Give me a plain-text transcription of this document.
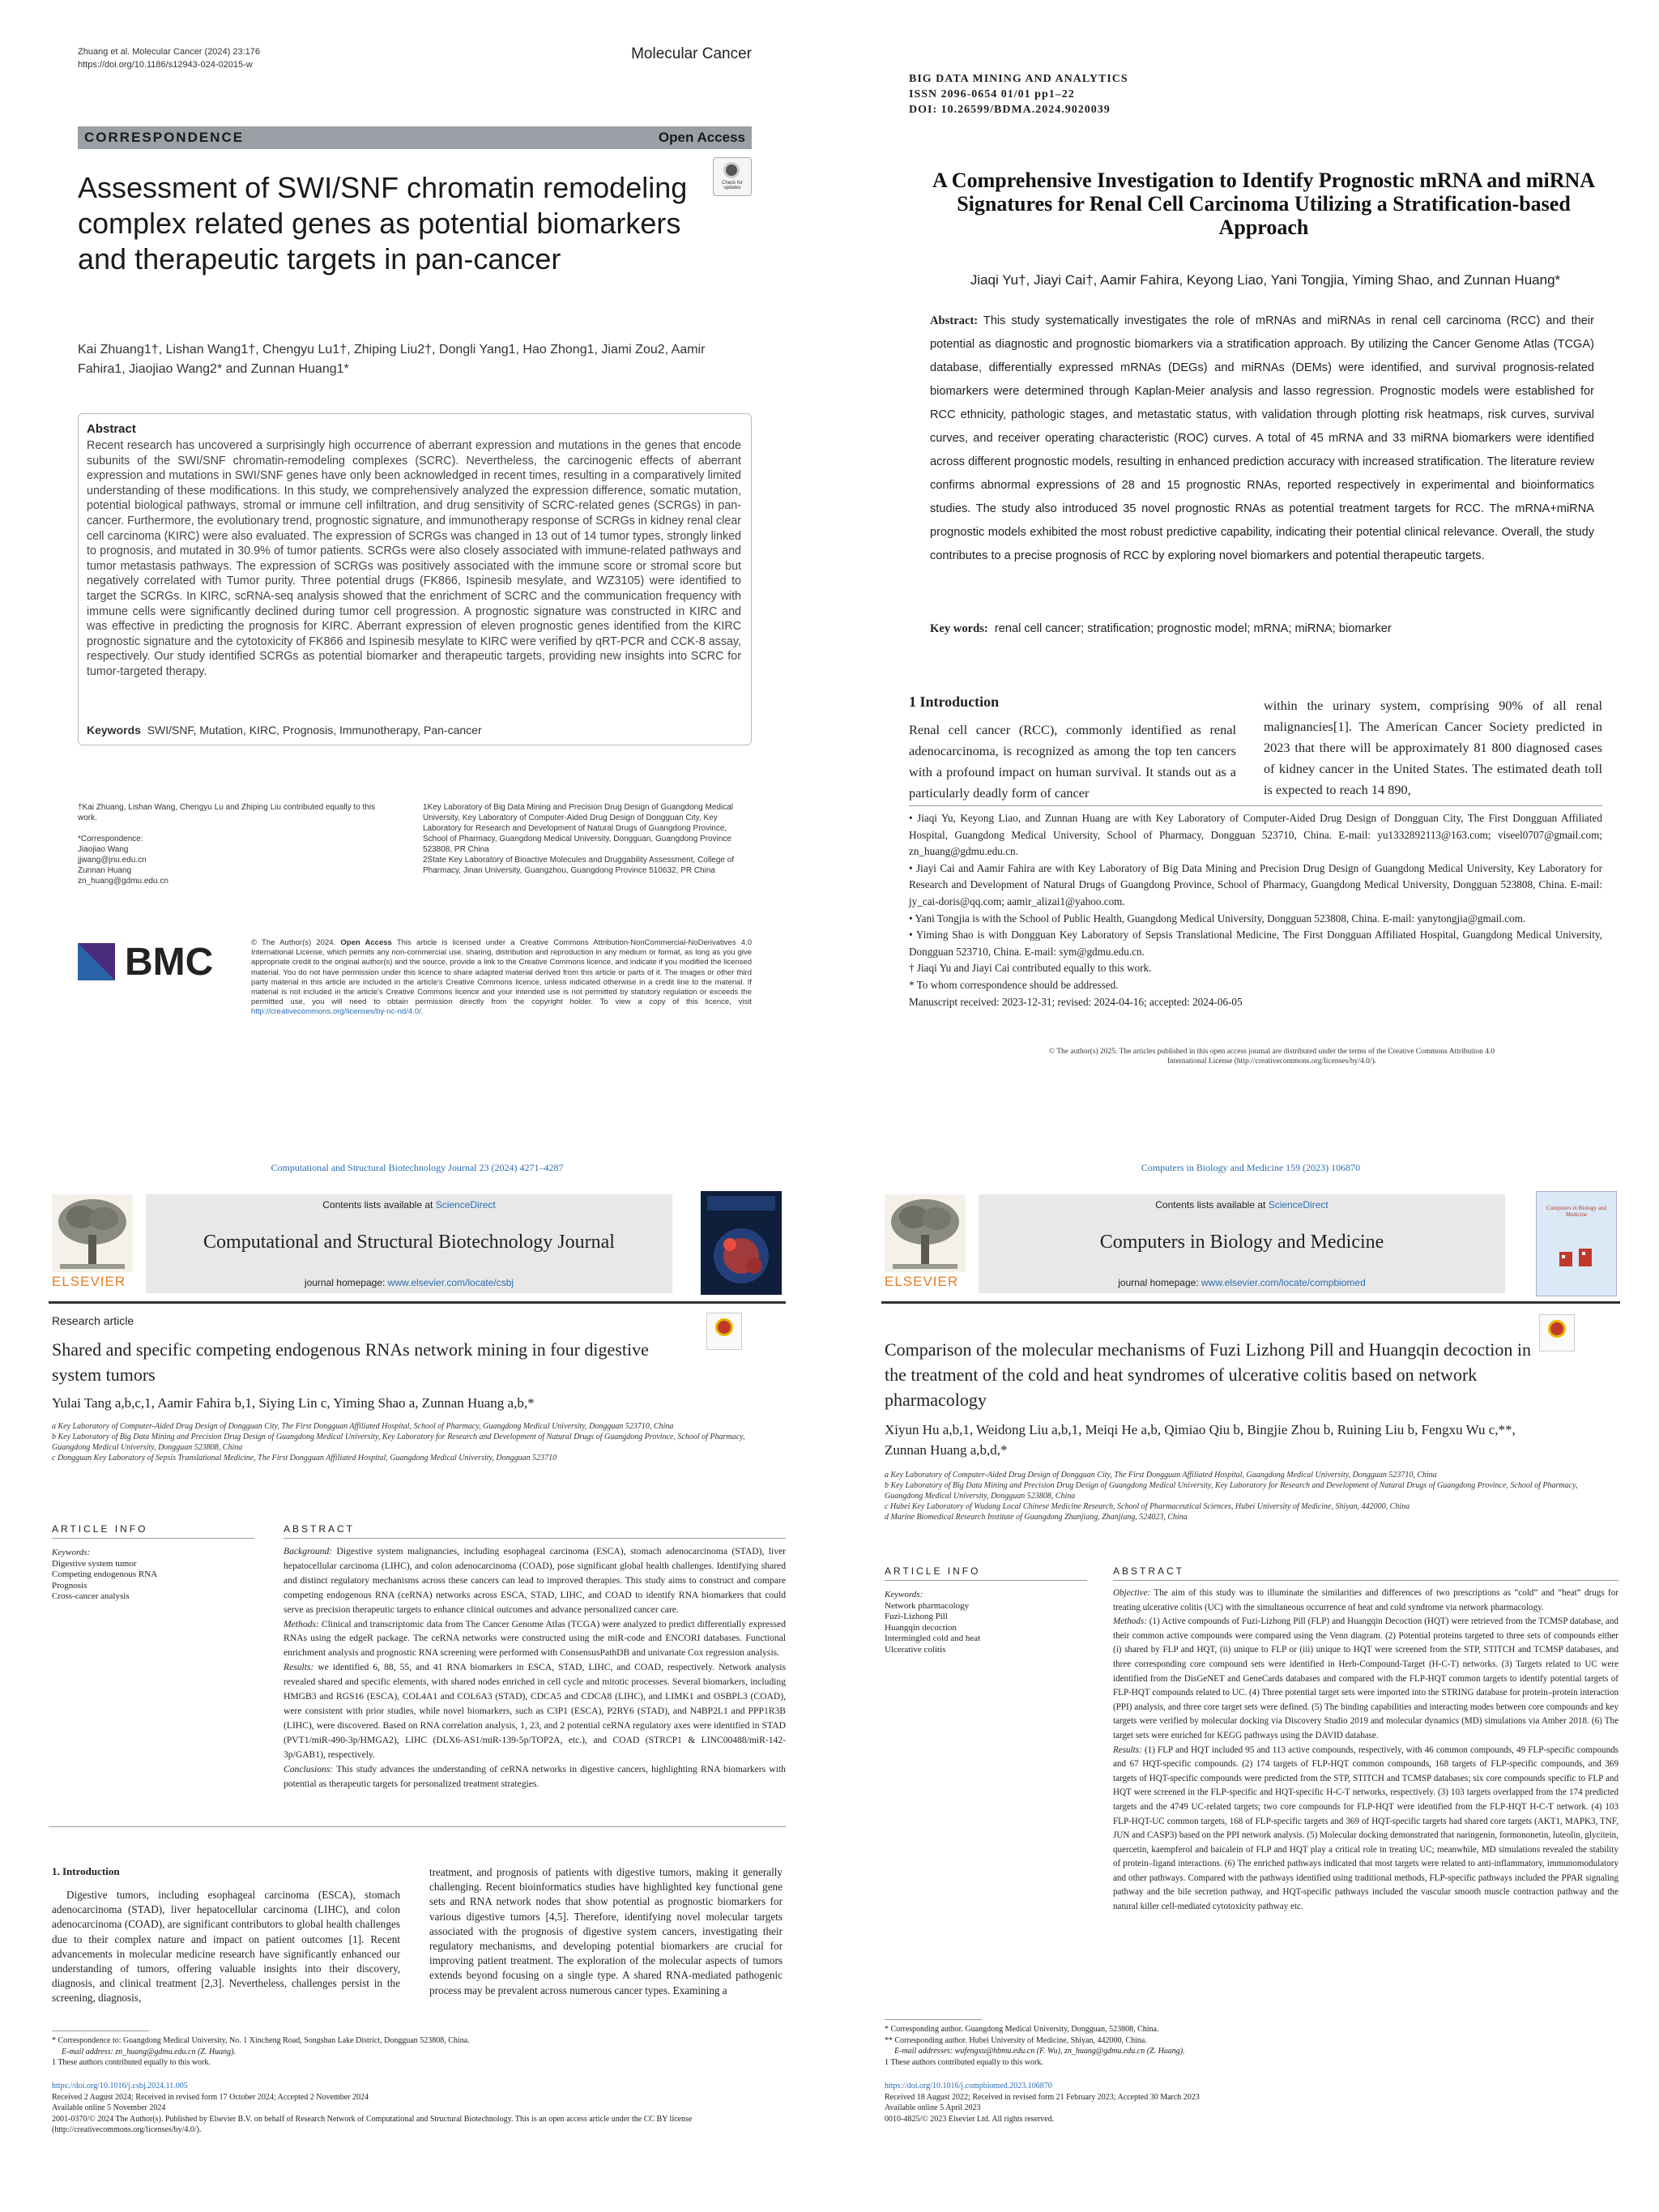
Zhuang et al. Molecular Cancer (2024) 23:176
https://doi.org/10.1186/s12943-024-02015-w
Molecular Cancer
CORRESPONDENCE	Open Access
Check for updates
Assessment of SWI/SNF chromatin remodeling complex related genes as potential biomarkers and therapeutic targets in pan-cancer
Kai Zhuang1†, Lishan Wang1†, Chengyu Lu1†, Zhiping Liu2†, Dongli Yang1, Hao Zhong1, Jiami Zou2, Aamir Fahira1, Jiaojiao Wang2* and Zunnan Huang1*
Abstract
Recent research has uncovered a surprisingly high occurrence of aberrant expression and mutations in the genes that encode subunits of the SWI/SNF chromatin-remodeling complexes (SCRC). Nevertheless, the carcinogenic effects of aberrant expression and mutations in SWI/SNF genes have only been acknowledged in recent times, resulting in a comparatively limited understanding of these modifications. In this study, we comprehensively analyzed the expression difference, somatic mutation, potential biological pathways, stromal or immune cell infiltration, and drug sensitivity of SCRC-related genes (SCRGs) in pan-cancer. Furthermore, the evolutionary trend, prognostic signature, and immunotherapy response of SCRGs in kidney renal clear cell carcinoma (KIRC) were also evaluated. The expression of SCRGs was changed in 13 out of 14 tumor types, strongly linked to prognosis, and mutated in 30.9% of tumor patients. SCRGs were also closely associated with immune-related pathways and tumor metastasis pathways. The expression of SCRGs was positively associated with the immune score or stromal score but negatively correlated with Tumor purity. Three potential drugs (FK866, Ispinesib mesylate, and WZ3105) were identified to target the SCRGs. In KIRC, scRNA-seq analysis showed that the enrichment of SCRC and the communication frequency with immune cells were significantly declined during tumor cell progression. A prognostic signature was constructed in KIRC and was effective in predicting the prognosis for KIRC. Aberrant expression of eleven prognostic genes identified from the KIRC prognostic signature and the cytotoxicity of FK866 and Ispinesib mesylate to KIRC were verified by qRT-PCR and CCK-8 assay, respectively. Our study identified SCRGs as potential biomarker and therapeutic targets, providing new insights into SCRC for tumor-targeted therapy.
Keywords SWI/SNF, Mutation, KIRC, Prognosis, Immunotherapy, Pan-cancer
†Kai Zhuang, Lishan Wang, Chengyu Lu and Zhiping Liu contributed equally to this work.

*Correspondence:
Jiaojiao Wang
jjwang@jnu.edu.cn
Zunnan Huang
zn_huang@gdmu.edu.cn
1Key Laboratory of Big Data Mining and Precision Drug Design of Guangdong Medical University, Key Laboratory of Computer-Aided Drug Design of Dongguan City, Key Laboratory for Research and Development of Natural Drugs of Guangdong Province, School of Pharmacy, Guangdong Medical University, Dongguan, Guangdong Province 523808, PR China
2State Key Laboratory of Bioactive Molecules and Druggability Assessment, College of Pharmacy, Jinan University, Guangzhou, Guangdong Province 510632, PR China
BMC	© The Author(s) 2024. Open Access This article is licensed under a Creative Commons Attribution-NonCommercial-NoDerivatives 4.0 International License, which permits any non-commercial use, sharing, distribution and reproduction in any medium or format, as long as you give appropriate credit to the original author(s) and the source, provide a link to the Creative Commons licence, and indicate if you modified the licensed material. You do not have permission under this licence to share adapted material derived from this article or parts of it. The images or other third party material in this article are included in the article's Creative Commons licence, unless indicated otherwise in a credit line to the material. If material is not included in the article's Creative Commons licence and your intended use is not permitted by statutory regulation or exceeds the permitted use, you will need to obtain permission directly from the copyright holder. To view a copy of this licence, visit http://creativecommons.org/licenses/by-nc-nd/4.0/.
BIG DATA MINING AND ANALYTICS
ISSN 2096-0654 01/01 pp1–22
DOI: 10.26599/BDMA.2024.9020039
A Comprehensive Investigation to Identify Prognostic mRNA and miRNA Signatures for Renal Cell Carcinoma Utilizing a Stratification-based Approach
Jiaqi Yu†, Jiayi Cai†, Aamir Fahira, Keyong Liao, Yani Tongjia, Yiming Shao, and Zunnan Huang*
Abstract: This study systematically investigates the role of mRNAs and miRNAs in renal cell carcinoma (RCC) and their potential as diagnostic and prognostic biomarkers via a stratification approach. By utilizing the Cancer Genome Atlas (TCGA) database, differentially expressed mRNAs (DEGs) and miRNAs (DEMs) were identified, and survival prognosis-related biomarkers were determined through Kaplan-Meier analysis and lasso regression. Prognostic models were established for RCC ethnicity, pathologic stages, and metastatic status, with validation through plotting risk heatmaps, risk curves, survival curves, and receiver operating characteristic (ROC) curves. A total of 45 mRNA and 33 miRNA biomarkers were identified across different prognostic models, resulting in enhanced prediction accuracy with increased stratification. The literature review confirms abnormal expressions of 28 and 15 prognostic RNAs, reported respectively in experimental and bioinformatics studies. The study also introduced 35 novel prognostic RNAs as potential treatment targets for RCC. The mRNA+miRNA prognostic models exhibited the most robust predictive capability, indicating their potential clinical relevance. Overall, the study contributes to a precise prognosis of RCC by exploring novel biomarkers and potential therapeutic targets.
Key words: renal cell cancer; stratification; prognostic model; mRNA; miRNA; biomarker
1 Introduction
Renal cell cancer (RCC), commonly identified as renal adenocarcinoma, is recognized as among the top ten cancers with a profound impact on human survival. It stands out as a particularly deadly form of cancer
within the urinary system, comprising 90% of all renal malignancies[1]. The American Cancer Society predicted in 2023 that there will be approximately 81 800 diagnosed cases of kidney cancer in the United States. The estimated death toll is expected to reach 14 890,
• Jiaqi Yu, Keyong Liao, and Zunnan Huang are with Key Laboratory of Computer-Aided Drug Design of Dongguan City, The First Dongguan Affiliated Hospital, Guangdong Medical University, School of Pharmacy, Dongguan 523710, China. E-mail: yu1332892113@163.com; viseel0707@gmail.com; zn_huang@gdmu.edu.cn.
• Jiayi Cai and Aamir Fahira are with Key Laboratory of Big Data Mining and Precision Drug Design of Guangdong Medical University, Key Laboratory for Research and Development of Natural Drugs of Guangdong Province, School of Pharmacy, Guangdong Medical University, Dongguan 523808, China. E-mail: jy_cai-doris@qq.com; aamir_alizai1@yahoo.com.
• Yani Tongjia is with the School of Public Health, Guangdong Medical University, Dongguan 523808, China. E-mail: yanytongjia@gmail.com.
• Yiming Shao is with Dongguan Key Laboratory of Sepsis Translational Medicine, The First Dongguan Affiliated Hospital, Guangdong Medical University, Dongguan 523710, China. E-mail: sym@gdmu.edu.cn.
† Jiaqi Yu and Jiayi Cai contributed equally to this work.
* To whom correspondence should be addressed.
Manuscript received: 2023-12-31; revised: 2024-04-16; accepted: 2024-06-05
© The author(s) 2025. The articles published in this open access journal are distributed under the terms of the Creative Commons Attribution 4.0 International License (http://creativecommons.org/licenses/by/4.0/).
Computational and Structural Biotechnology Journal 23 (2024) 4271–4287
ELSEVIER
Contents lists available at ScienceDirect
Computational and Structural Biotechnology Journal
journal homepage: www.elsevier.com/locate/csbj
Research article
Shared and specific competing endogenous RNAs network mining in four digestive system tumors
Yulai Tang a,b,c,1, Aamir Fahira b,1, Siying Lin c, Yiming Shao a, Zunnan Huang a,b,*
a Key Laboratory of Computer-Aided Drug Design of Dongguan City, The First Dongguan Affiliated Hospital, School of Pharmacy, Guangdong Medical University, Dongguan 523710, China
b Key Laboratory of Big Data Mining and Precision Drug Design of Guangdong Medical University, Key Laboratory for Research and Development of Natural Drugs of Guangdong Province, School of Pharmacy, Guangdong Medical University, Dongguan 523808, China
c Dongguan Key Laboratory of Sepsis Translational Medicine, The First Dongguan Affiliated Hospital, Guangdong Medical University, Dongguan 523710
ARTICLE INFO
Keywords:
Digestive system tumor
Competing endogenous RNA
Prognosis
Cross-cancer analysis
ABSTRACT

Background: Digestive system malignancies, including esophageal carcinoma (ESCA), stomach adenocarcinoma (STAD), liver hepatocellular carcinoma (LIHC), and colon adenocarcinoma (COAD), pose significant global health challenges. Identifying shared and distinct regulatory mechanisms across these cancers can lead to improved therapies. This study aims to construct and compare competing endogenous RNA (ceRNA) networks across ESCA, STAD, LIHC, and COAD to identify RNA biomarkers that could serve as precision therapeutic targets to enhance clinical outcomes and advance personalized cancer care.

Methods: Clinical and transcriptomic data from The Cancer Genome Atlas (TCGA) were analyzed to predict differentially expressed RNAs using the edgeR package. The ceRNA networks were constructed using the miR-code and ENCORI databases. Functional enrichment analysis and prognostic RNA screening were performed with ConsensusPathDB and univariate Cox regression analysis.

Results: we identified 6, 88, 55, and 41 RNA biomarkers in ESCA, STAD, LIHC, and COAD, respectively. Network analysis revealed shared and specific elements, with shared nodes enriched in cell cycle and mitotic processes. Several biomarkers, including HMGB3 and RGS16 (ESCA), COL4A1 and COL6A3 (STAD), CDCA5 and CDCA8 (LIHC), and LIMK1 and OSBPL3 (COAD), were consistent with prior studies, while novel biomarkers, such as C3P1 (ESCA), P2RY6 (STAD), and N4BP2L1 and PPP1R3B (LIHC), were discovered. Based on RNA correlation analysis, 1, 23, and 2 potential ceRNA regulatory axes were identified in STAD (PVT1/miR-490-3p/HMGA2), LIHC (DLX6-AS1/miR-139-5p/TOP2A, etc.), and COAD (STRCP1 & LINC00488/miR-142-3p/GAB1), respectively.

Conclusions: This study advances the understanding of ceRNA networks in digestive cancers, highlighting RNA biomarkers with potential as therapeutic targets for personalized treatment strategies.

1. Introduction
Digestive tumors, including esophageal carcinoma (ESCA), stomach adenocarcinoma (STAD), liver hepatocellular carcinoma (LIHC), and colon adenocarcinoma (COAD), are significant contributors to global health challenges due to their complex nature and impact on patient outcomes [1]. Recent advancements in molecular medicine research have significantly enhanced our understanding of tumors, offering valuable insights into their discovery, diagnosis, and clinical treatment [2,3]. Nevertheless, challenges persist in the screening, diagnosis,
treatment, and prognosis of patients with digestive tumors, making it generally challenging. Recent bioinformatics studies have highlighted key functional gene sets and RNA network nodes that show potential as prognostic biomarkers for various digestive tumors [4,5]. Therefore, identifying novel molecular targets associated with the prognosis of digestive system cancers, investigating their regulatory mechanisms, and developing potential biomarkers are crucial for improving patient treatment. The exploration of the molecular aspects of tumors extends beyond focusing on a single type. A shared RNA-mediated pathogenic process may be prevalent across numerous cancer types. Examining a
* Correspondence to: Guangdong Medical University, No. 1 Xincheng Road, Songshan Lake District, Dongguan 523808, China.
E-mail address: zn_huang@gdmu.edu.cn (Z. Huang).
1 These authors contributed equally to this work.
https://doi.org/10.1016/j.csbj.2024.11.005
Received 2 August 2024; Received in revised form 17 October 2024; Accepted 2 November 2024
Available online 5 November 2024
2001-0370/© 2024 The Author(s). Published by Elsevier B.V. on behalf of Research Network of Computational and Structural Biotechnology. This is an open access article under the CC BY license (http://creativecommons.org/licenses/by/4.0/).
Computers in Biology and Medicine 159 (2023) 106870
ELSEVIER
Contents lists available at ScienceDirect
Computers in Biology and Medicine
journal homepage: www.elsevier.com/locate/compbiomed
Computers in Biology and Medicine
Comparison of the molecular mechanisms of Fuzi Lizhong Pill and Huangqin decoction in the treatment of the cold and heat syndromes of ulcerative colitis based on network pharmacology
Xiyun Hu a,b,1, Weidong Liu a,b,1, Meiqi He a,b, Qimiao Qiu b, Bingjie Zhou b, Ruining Liu b, Fengxu Wu c,**, Zunnan Huang a,b,d,*
a Key Laboratory of Computer-Aided Drug Design of Dongguan City, The First Dongguan Affiliated Hospital, Guangdong Medical University, Dongguan 523710, China
b Key Laboratory of Big Data Mining and Precision Drug Design of Guangdong Medical University, Key Laboratory for Research and Development of Natural Drugs of Guangdong Province, School of Pharmacy, Guangdong Medical University, Dongguan 523808, China
c Hubei Key Laboratory of Wudang Local Chinese Medicine Research, School of Pharmaceutical Sciences, Hubei University of Medicine, Shiyan, 442000, China
d Marine Biomedical Research Institute of Guangdong Zhanjiang, Zhanjiang, 524023, China
ARTICLE INFO
Keywords:
Network pharmacology
Fuzi-Lizhong Pill
Huangqin decoction
Intermingled cold and heat
Ulcerative colitis
ABSTRACT

Objective: The aim of this study was to illuminate the similarities and differences of two prescriptions as “cold” and “heat” drugs for treating ulcerative colitis (UC) with the simultaneous occurrence of heat and cold syndrome via network pharmacology.

Methods: (1) Active compounds of Fuzi-Lizhong Pill (FLP) and Huangqin Decoction (HQT) were retrieved from the TCMSP database, and their common active compounds were compared using the Venn diagram. (2) Potential proteins targeted to three sets of compounds either (i) shared by FLP and HQT, (ii) unique to FLP or (iii) unique to HQT were screened from the STP, STITCH and TCMSP databases, and three corresponding core compound sets were identified in Herb-Compound-Target (H-C-T) networks. (3) Targets related to UC were identified from the DisGeNET and GeneCards databases and compared with the FLP-HQT common targets to identify potential targets of FLP-HQT compounds related to UC. (4) Three potential target sets were imported into the STRING database for protein–protein interaction (PPI) analysis, and three core target sets were defined. (5) The binding capabilities and interacting modes between core compounds and key targets were verified by molecular docking via Discovery Studio 2019 and molecular dynamics (MD) simulations via Amber 2018. (6) The target sets were enriched for KEGG pathways using the DAVID database.

Results: (1) FLP and HQT included 95 and 113 active compounds, respectively, with 46 common compounds, 49 FLP-specific compounds and 67 HQT-specific compounds. (2) 174 targets of FLP-HQT common compounds, 168 targets of FLP-specific compounds, and 369 targets of HQT-specific compounds were predicted from the STP, STITCH and TCMSP databases; six core compounds specific to FLP and HQT were screened in the FLP-specific and HQT-specific H-C-T networks, respectively. (3) 103 targets overlapped from the 174 predicted targets and the 4749 UC-related targets; two core compounds for FLP-HQT were identified from the FLP-HQT H-C-T network. (4) 103 FLP-HQT-UC common targets, 168 of FLP-specific targets and 369 of HQT-specific targets had shared core targets (AKT1, MAPK3, TNF, JUN and CASP3) based on the PPI network analysis. (5) Molecular docking demonstrated that naringenin, formononetin, luteolin, glycitein, quercetin, kaempferol and baicalein of FLP and HQT play a critical role in treating UC; meanwhile, MD simulations revealed the stability of protein–ligand interactions. (6) The enriched pathways indicated that most targets were related to anti-inflammatory, immunomodulatory and other pathways. Compared with the pathways identified using traditional methods, FLP-specific pathways included the PPAR signaling pathway and the bile secretion pathway, and HQT-specific pathways included the vascular smooth muscle contraction pathway and the natural killer cell-mediated cytotoxicity pathway etc.

* Corresponding author. Guangdong Medical University, Dongguan, 523808, China.
** Corresponding author. Hubei University of Medicine, Shiyan, 442000, China.
E-mail addresses: wufengxu@hbmu.edu.cn (F. Wu), zn_huang@gdmu.edu.cn (Z. Huang).
1 These authors contributed equally to this work.
https://doi.org/10.1016/j.compbiomed.2023.106870
Received 18 August 2022; Received in revised form 21 February 2023; Accepted 30 March 2023
Available online 5 April 2023
0010-4825/© 2023 Elsevier Ltd. All rights reserved.
